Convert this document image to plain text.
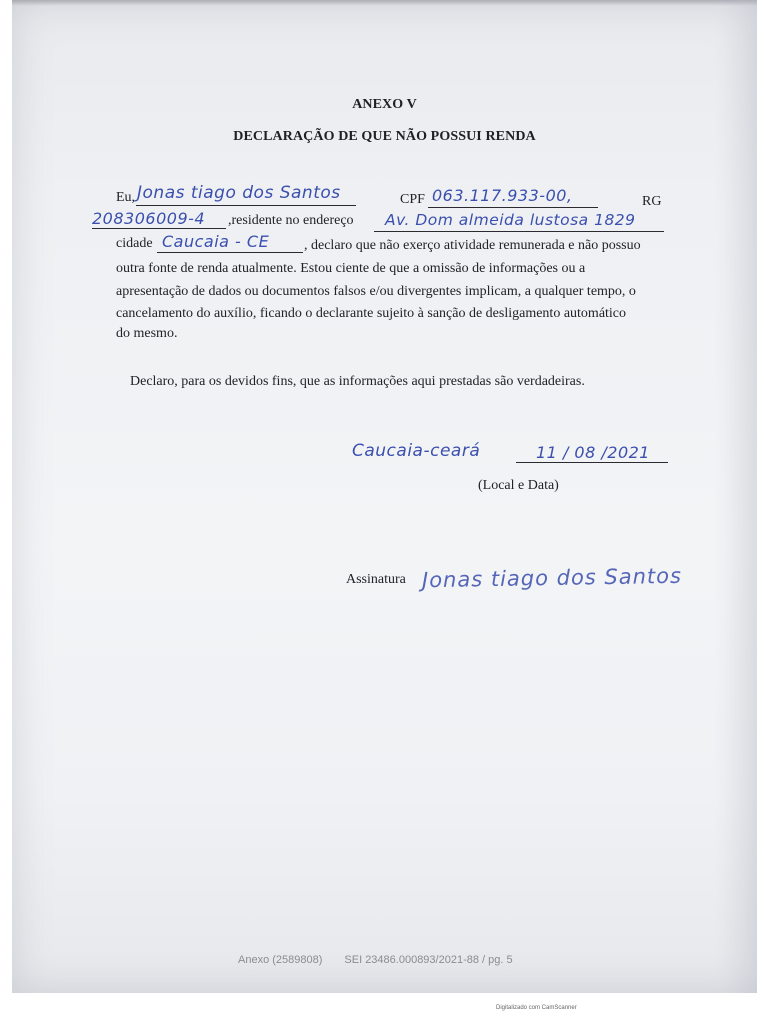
ANEXO V
DECLARAÇÃO DE QUE NÃO POSSUI RENDA
Eu, Jonas tiago dos Santos	CPF 063.117.933-00,	RG
208306009-4 ,residente no endereço Av. Dom almeida lustosa 1829
cidade Caucaia - CE , declaro que não exerço atividade remunerada e não possuo
outra fonte de renda atualmente. Estou ciente de que a omissão de informações ou a
apresentação de dados ou documentos falsos e/ou divergentes implicam, a qualquer tempo, o
cancelamento do auxílio, ficando o declarante sujeito à sanção de desligamento automático
do mesmo.
Declaro, para os devidos fins, que as informações aqui prestadas são verdadeiras.
Caucaia-ceará	11 / 08 /2021
(Local e Data)
Assinatura Jonas tiago dos Santos
Anexo (2589808) SEI 23486.000893/2021-88 / pg. 5
Digitalizado com CamScanner
